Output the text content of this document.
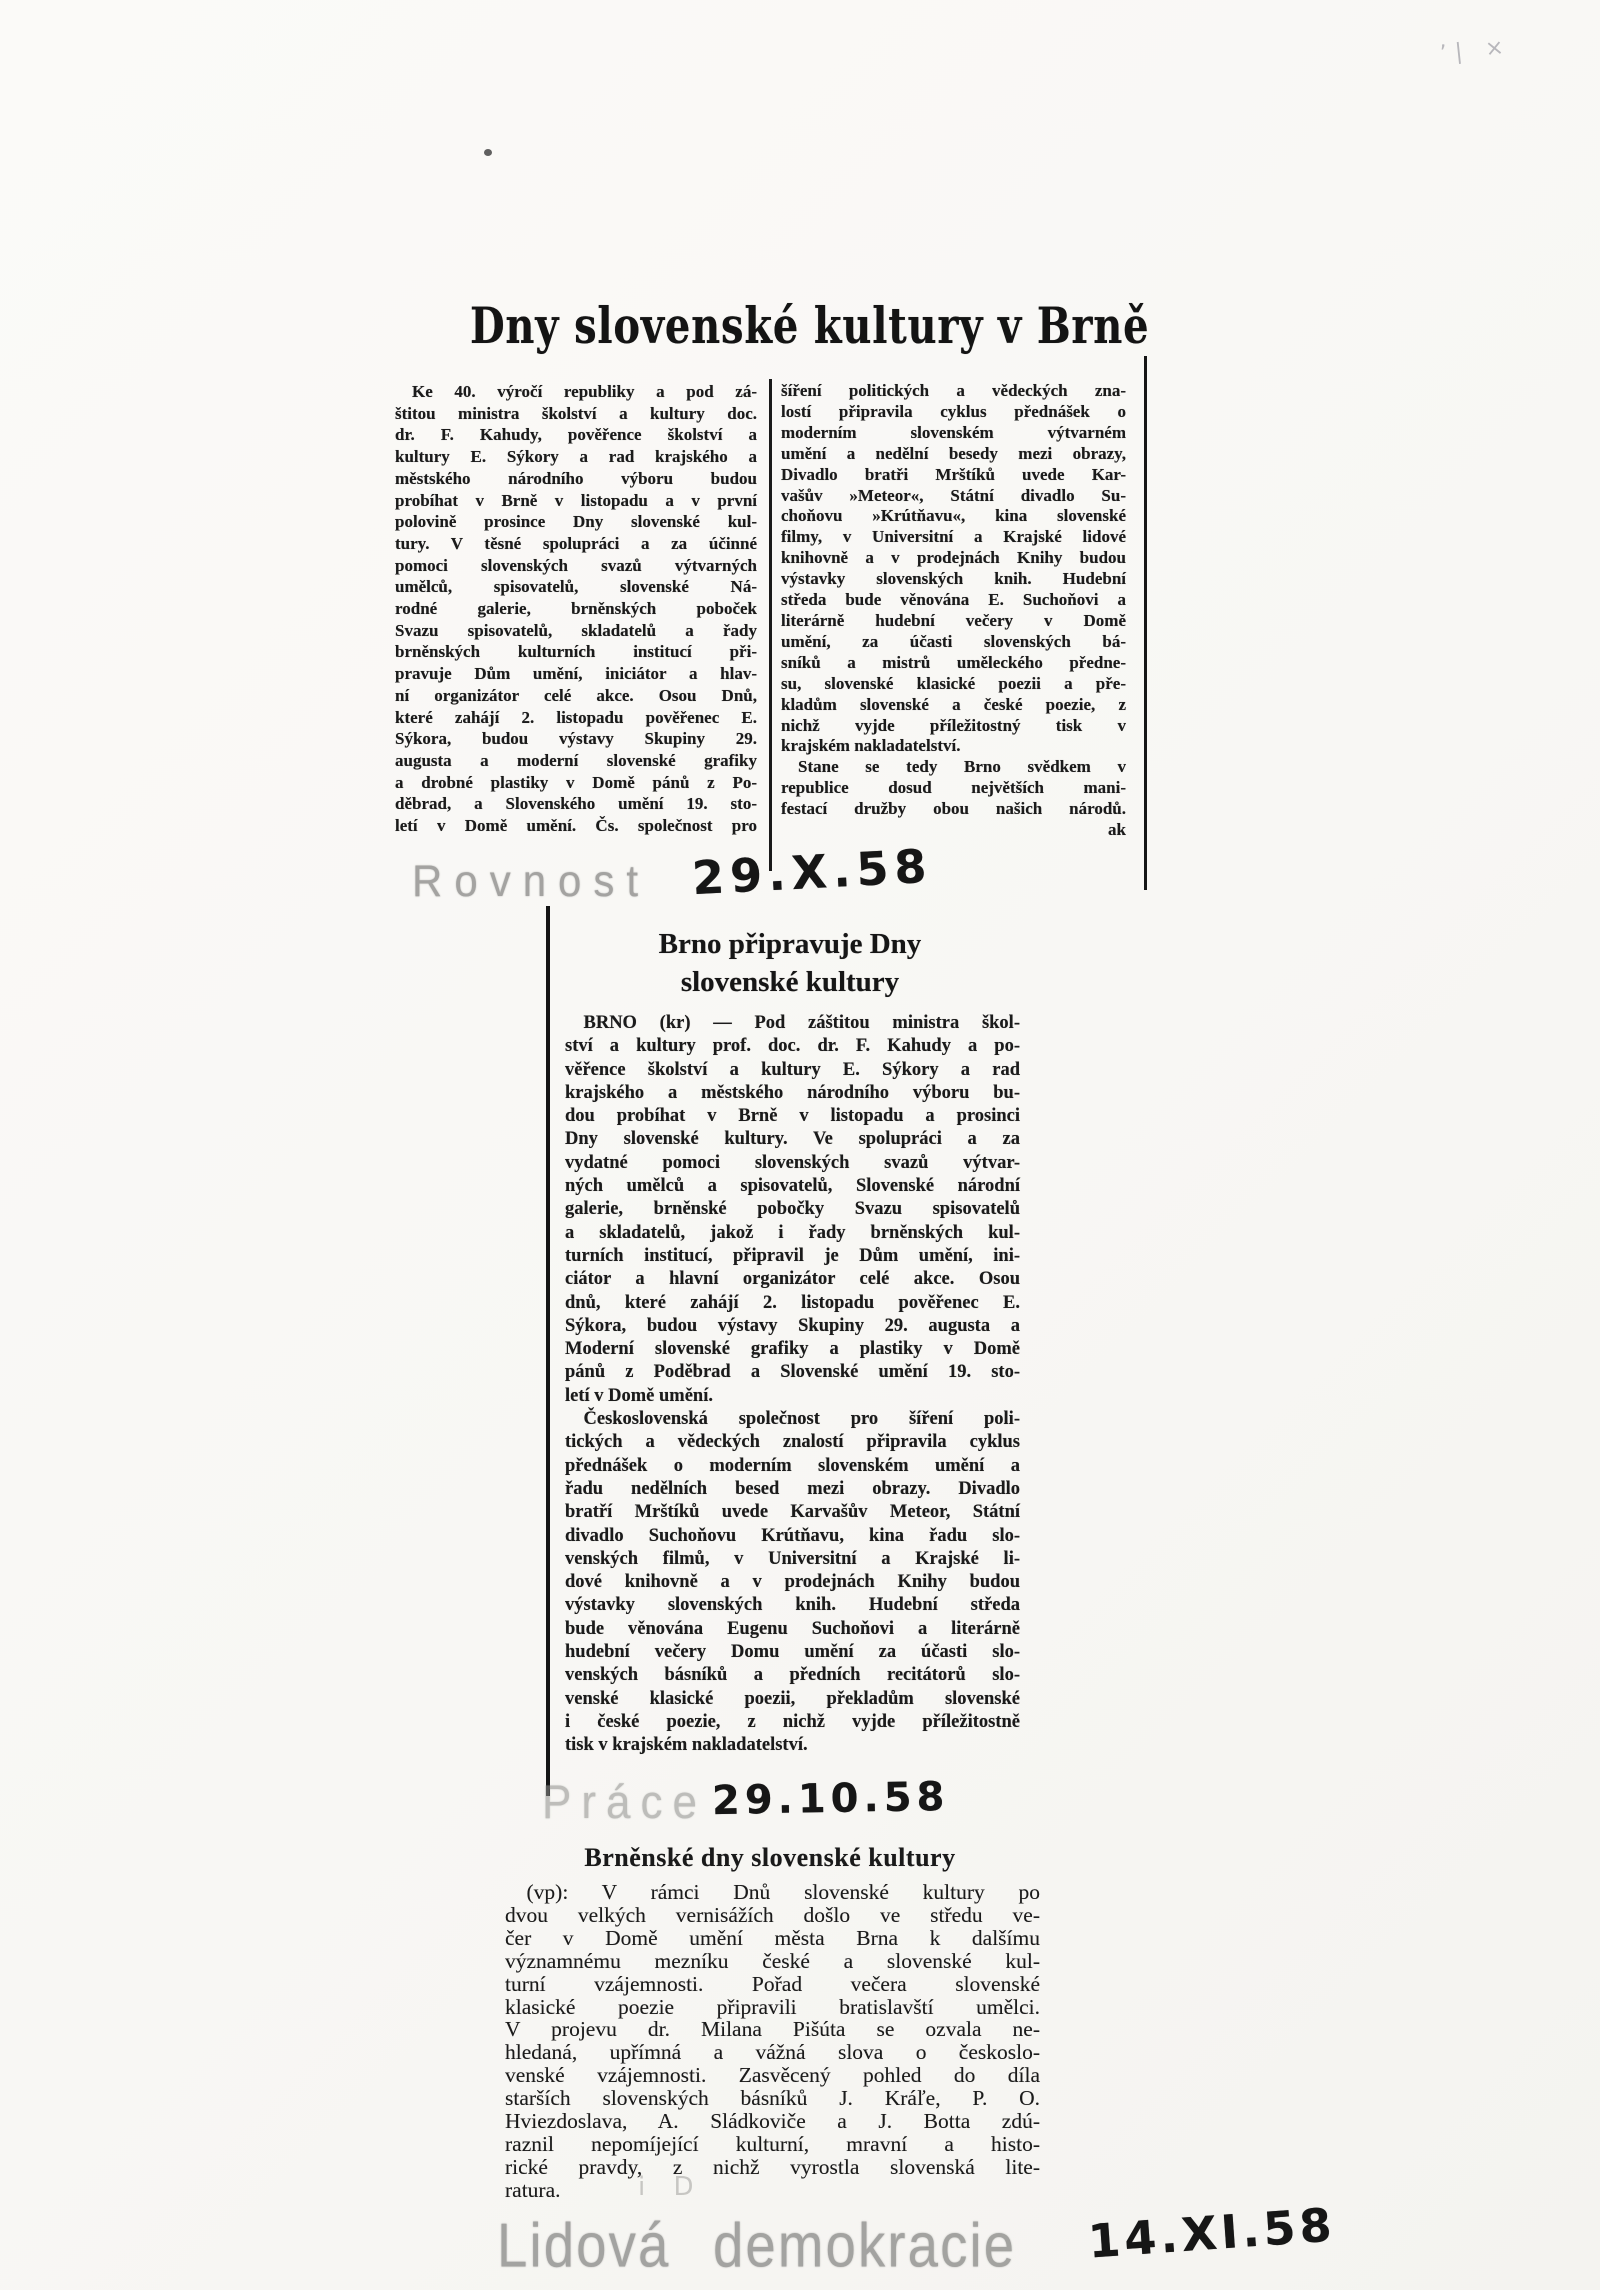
’| ×
Dny slovenské kultury v Brně
 Ke 40. výročí republiky a pod zá-
štitou ministra školství a kultury doc.
dr. F. Kahudy, pověřence školství a
kultury E. Sýkory a rad krajského a
městského národního výboru budou
probíhat v Brně v listopadu a v první
polovině prosince Dny slovenské kul-
tury. V těsné spolupráci a za účinné
pomoci slovenských svazů výtvarných
umělců, spisovatelů, slovenské Ná-
rodné galerie, brněnských poboček
Svazu spisovatelů, skladatelů a řady
brněnských kulturních institucí při-
pravuje Dům umění, iniciátor a hlav-
ní organizátor celé akce. Osou Dnů,
které zahájí 2. listopadu pověřenec E.
Sýkora, budou výstavy Skupiny 29.
augusta a moderní slovenské grafiky
a drobné plastiky v Domě pánů z Po-
děbrad, a Slovenského umění 19. sto-
letí v Domě umění. Čs. společnost pro
šíření politických a vědeckých zna-
lostí připravila cyklus přednášek o
moderním slovenském výtvarném
umění a nedělní besedy mezi obrazy,
Divadlo bratři Mrštíků uvede Kar-
vašův »Meteor«, Státní divadlo Su-
choňovu »Krútňavu«, kina slovenské
filmy, v Universitní a Krajské lidové
knihovně a v prodejnách Knihy budou
výstavky slovenských knih. Hudební
středa bude věnována E. Suchoňovi a
literárně hudební večery v Domě
umění, za účasti slovenských bá-
sníků a mistrů uměleckého předne-
su, slovenské klasické poezii a pře-
kladům slovenské a české poezie, z
nichž vyjde příležitostný tisk v
krajském nakladatelství.
 Stane se tedy Brno svědkem v
republice dosud největších mani-
festací družby obou našich národů.
ak
Rovnost 29.X.58
Brno připravuje Dny
slovenské kultury
 BRNO (kr) — Pod záštitou ministra škol-
ství a kultury prof. doc. dr. F. Kahudy a po-
věřence školství a kultury E. Sýkory a rad
krajského a městského národního výboru bu-
dou probíhat v Brně v listopadu a prosinci
Dny slovenské kultury. Ve spolupráci a za
vydatné pomoci slovenských svazů výtvar-
ných umělců a spisovatelů, Slovenské národní
galerie, brněnské pobočky Svazu spisovatelů
a skladatelů, jakož i řady brněnských kul-
turních institucí, připravil je Dům umění, ini-
ciátor a hlavní organizátor celé akce. Osou
dnů, které zahájí 2. listopadu pověřenec E.
Sýkora, budou výstavy Skupiny 29. augusta a
Moderní slovenské grafiky a plastiky v Domě
pánů z Poděbrad a Slovenské umění 19. sto-
letí v Domě umění.
 Československá společnost pro šíření poli-
tických a vědeckých znalostí připravila cyklus
přednášek o moderním slovenském umění a
řadu nedělních besed mezi obrazy. Divadlo
bratří Mrštíků uvede Karvašův Meteor, Státní
divadlo Suchoňovu Krútňavu, kina řadu slo-
venských filmů, v Universitní a Krajské li-
dové knihovně a v prodejnách Knihy budou
výstavky slovenských knih. Hudební středa
bude věnována Eugenu Suchoňovi a literárně
hudební večery Domu umění za účasti slo-
venských básníků a předních recitátorů slo-
venské klasické poezii, překladům slovenské
i české poezie, z nichž vyjde příležitostně
tisk v krajském nakladatelství.
Práce 29.10.58
Brněnské dny slovenské kultury
 (vp): V rámci Dnů slovenské kultury po
dvou velkých vernisážích došlo ve středu ve-
čer v Domě umění města Brna k dalšímu
významnému mezníku české a slovenské kul-
turní vzájemnosti. Pořad večera slovenské
klasické poezie připravili bratislavští umělci.
V projevu dr. Milana Pišúta se ozvala ne-
hledaná, upřímná a vážná slova o českoslo-
venské vzájemnosti. Zasvěcený pohled do díla
starších slovenských básníků J. Kráľe, P. O.
Hviezdoslava, A. Sládkoviče a J. Botta zdú-
raznil nepomíjející kulturní, mravní a histo-
rické pravdy, z nichž vyrostla slovenská lite-
ratura.	i D
Lidová demokracie 14.XI.58
